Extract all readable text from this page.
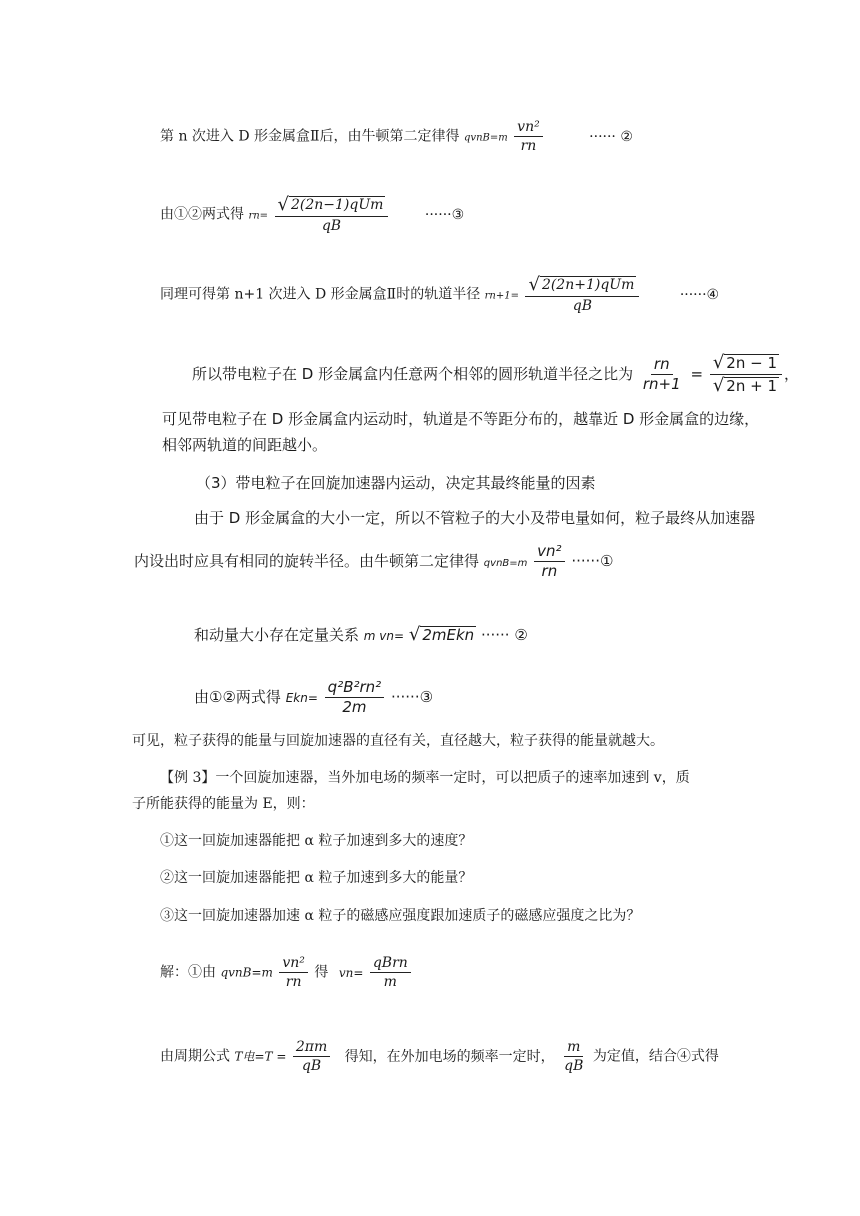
第 n 次进入 D 形金属盒Ⅱ后，由牛顿第二定律得 qvnB=m $\frac{\text{vn²}}{rn}$	······ ②
由①②两式得 $rn= \frac{\text{√ 2(2n−1)qUm}}{qB}$	······③
同理可得第 n+1 次进入 D 形金属盒Ⅱ时的轨道半径 $rn+1= \frac{\text{√ 2(2n+1)qUm}}{qB}$	······④
所以带电粒子在 D 形金属盒内任意两个相邻的圆形轨道半径之比为 $\frac{rn}{rn+1} = \frac{√ 2n - 1}{√ 2n + 1}$ ，
可见带电粒子在 D 形金属盒内运动时，轨道是不等距分布的，越靠近 D 形金属盒的边缘，
相邻两轨道的间距越小。
（3）带电粒子在回旋加速器内运动，决定其最终能量的因素
由于 D 形金属盒的大小一定，所以不管粒子的大小及带电量如何，粒子最终从加速器
内设出时应具有相同的旋转半径。由牛顿第二定律得 qvnB=m $\frac{\text{vn²}}{rn}$ ······①
和动量大小存在定量关系 m vn= √ 2mEkn ······ ②
由①②两式得 $Ekn= \frac{\text{q²B²rn²}}{2m}$ ······③
可见，粒子获得的能量与回旋加速器的直径有关，直径越大，粒子获得的能量就越大。
【例 3】一个回旋加速器，当外加电场的频率一定时，可以把质子的速率加速到 v，质
子所能获得的能量为 E，则：
①这一回旋加速器能把 α 粒子加速到多大的速度？
②这一回旋加速器能把 α 粒子加速到多大的能量？
③这一回旋加速器加速 α 粒子的磁感应强度跟加速质子的磁感应强度之比为？
解：①由 qvnB=m $\frac{\text{vn²}}{rn}$ 得 $vn= \frac{\text{qBrn}}{m}$
由周期公式 T电$=T = \frac{2\pi m}{qB}$ 得知，在外加电场的频率一定时， $\frac{m}{qB}$ 为定值，结合④式得
